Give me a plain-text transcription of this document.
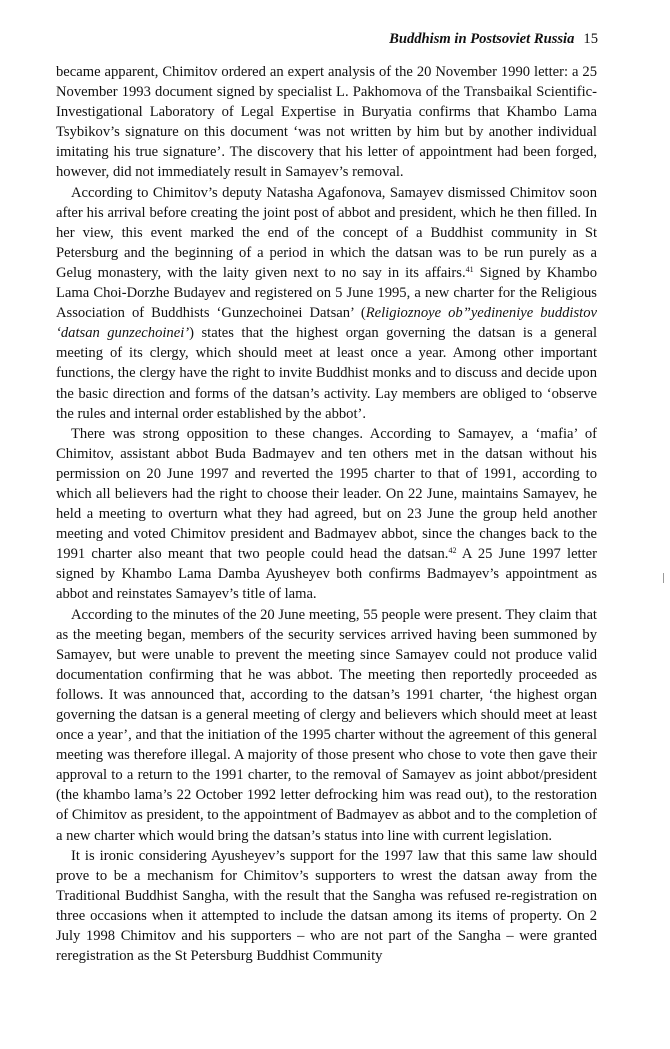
Buddhism in Postsoviet Russia 15

became apparent, Chimitov ordered an expert analysis of the 20 November 1990 letter: a 25 November 1993 document signed by specialist L. Pakhomova of the Transbaikal Scientific-Investigational Laboratory of Legal Expertise in Buryatia confirms that Khambo Lama Tsybikov’s signature on this document ‘was not written by him but by another individual imitating his true signature’. The discovery that his letter of appointment had been forged, however, did not immediately result in Samayev’s removal.

According to Chimitov’s deputy Natasha Agafonova, Samayev dismissed Chimitov soon after his arrival before creating the joint post of abbot and president, which he then filled. In her view, this event marked the end of the concept of a Buddhist community in St Petersburg and the beginning of a period in which the datsan was to be run purely as a Gelug monastery, with the laity given next to no say in its affairs.$^{41}$ Signed by Khambo Lama Choi-Dorzhe Budayev and registered on 5 June 1995, a new charter for the Religious Association of Buddhists ‘Gunzechoinei Datsan’ (Religioznoye ob”yedineniye buddistov ‘datsan gunzechoinei’) states that the highest organ governing the datsan is a general meeting of its clergy, which should meet at least once a year. Among other important functions, the clergy have the right to invite Buddhist monks and to discuss and decide upon the basic direction and forms of the datsan’s activity. Lay members are obliged to ‘observe the rules and internal order established by the abbot’.

There was strong opposition to these changes. According to Samayev, a ‘mafia’ of Chimitov, assistant abbot Buda Badmayev and ten others met in the datsan without his permission on 20 June 1997 and reverted the 1995 charter to that of 1991, according to which all believers had the right to choose their leader. On 22 June, maintains Samayev, he held a meeting to overturn what they had agreed, but on 23 June the group held another meeting and voted Chimitov president and Badmayev abbot, since the changes back to the 1991 charter also meant that two people could head the datsan.$^{42}$ A 25 June 1997 letter signed by Khambo Lama Damba Ayusheyev both confirms Badmayev’s appointment as abbot and reinstates Samayev’s title of lama.

According to the minutes of the 20 June meeting, 55 people were present. They claim that as the meeting began, members of the security services arrived having been summoned by Samayev, but were unable to prevent the meeting since Samayev could not produce valid documentation confirming that he was abbot. The meeting then reportedly proceeded as follows. It was announced that, according to the datsan’s 1991 charter, ‘the highest organ governing the datsan is a general meeting of clergy and believers which should meet at least once a year’, and that the initiation of the 1995 charter without the agreement of this general meeting was therefore illegal. A majority of those present who chose to vote then gave their approval to a return to the 1991 charter, to the removal of Samayev as joint abbot/president (the khambo lama’s 22 October 1992 letter defrocking him was read out), to the restoration of Chimitov as president, to the appointment of Badmayev as abbot and to the completion of a new charter which would bring the datsan’s status into line with current legislation.

It is ironic considering Ayusheyev’s support for the 1997 law that this same law should prove to be a mechanism for Chimitov’s supporters to wrest the datsan away from the Traditional Buddhist Sangha, with the result that the Sangha was refused re-registration on three occasions when it attempted to include the datsan among its items of property. On 2 July 1998 Chimitov and his supporters – who are not part of the Sangha – were granted reregistration as the St Petersburg Buddhist Community
